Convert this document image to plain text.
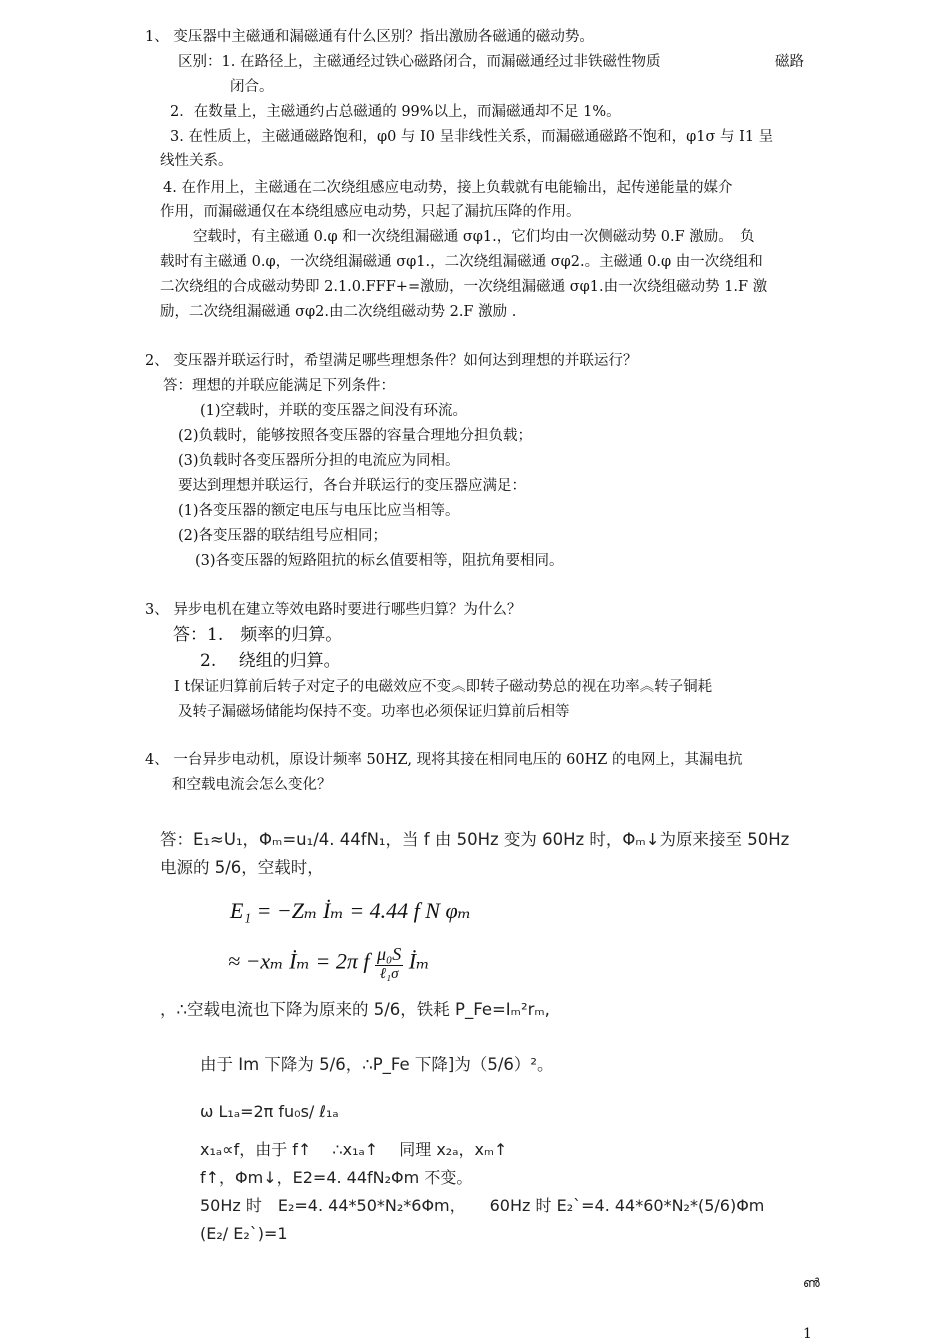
1、 变压器中主磁通和漏磁通有什么区别？指出激励各磁通的磁动势。
区别：1. 在路径上，主磁通经过铁心磁路闭合，而漏磁通经过非铁磁性物质	磁路
闭合。
2．在数量上，主磁通约占总磁通的 99%以上，而漏磁通却不足 1%。
3. 在性质上，主磁通磁路饱和，φ0 与 I0 呈非线性关系，而漏磁通磁路不饱和，φ1σ 与 I1 呈
线性关系。
4. 在作用上，主磁通在二次绕组感应电动势，接上负载就有电能输出，起传递能量的媒介
作用，而漏磁通仅在本绕组感应电动势，只起了漏抗压降的作用。
空载时，有主磁通 0.φ 和一次绕组漏磁通 σφ1.，它们均由一次侧磁动势 0.F 激励。　负
载时有主磁通 0.φ，一次绕组漏磁通 σφ1.，二次绕组漏磁通 σφ2.。主磁通 0.φ 由一次绕组和
二次绕组的合成磁动势即 2.1.0.FFF+=激励，一次绕组漏磁通 σφ1.由一次绕组磁动势 1.F 激
励，二次绕组漏磁通 σφ2.由二次绕组磁动势 2.F 激励 .
2、 变压器并联运行时，希望满足哪些理想条件？如何达到理想的并联运行？
答：理想的并联应能满足下列条件：
(1)空载时，并联的变压器之间没有环流。
(2)负载时，能够按照各变压器的容量合理地分担负载；
(3)负载时各变压器所分担的电流应为同相。
要达到理想并联运行，各台并联运行的变压器应满足：
(1)各变压器的额定电压与电压比应当相等。
(2)各变压器的联结组号应相同；
(3)各变压器的短路阻抗的标幺值要相等，阻抗角要相同。
3、 异步电机在建立等效电路时要进行哪些归算？为什么？
答：1.　频率的归算。
2.　 绕组的归算。
I t保证归算前后转子对定子的电磁效应不变︽即转子磁动势总的视在功率︽转子铜耗
及转子漏磁场储能均保持不变。功率也必须保证归算前后相等
4、 一台异步电动机，原设计频率 50HZ, 现将其接在相同电压的 60HZ 的电网上，其漏电抗
和空载电流会怎么变化？
答：E₁≈U₁，Φₘ=u₁/4. 44fN₁，当 f 由 50Hz 变为 60Hz 时，Φₘ↓为原来接至 50Hz
电源的 5/6，空载时，
E₁ = −Zₘ İₘ = 4.44 f N φₘ
≈ −xₘ İₘ = 2π f $\frac{\text{μ₀S}}{\text{ℓ₁σ}}$ İₘ
，∴空载电流也下降为原来的 5/6，铁耗 P_Fe=Iₘ²rₘ,
由于 Im 下降为 5/6，∴P_Fe 下降]为（5/6）²。
ω L₁ₐ=2π fu₀s/ ℓ₁ₐ
x₁ₐ∝f，由于 f↑　 ∴x₁ₐ↑　 同理 x₂ₐ，xₘ↑
f↑，Φm↓，E2=4. 44fN₂Φm 不变。
50Hz 时　E₂=4. 44*50*N₂*6Φm，　　60Hz 时 E₂ˋ=4. 44*60*N₂*(5/6)Φm
(E₂/ E₂ˋ)=1
ൺ
1
